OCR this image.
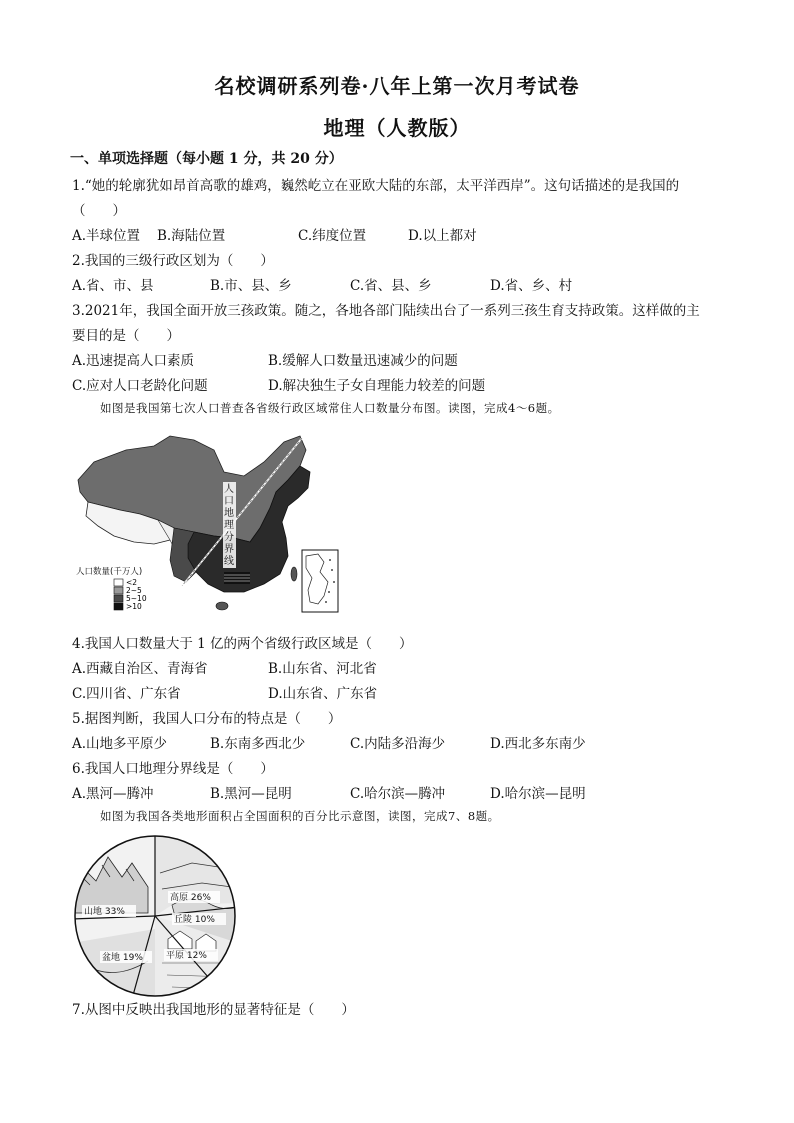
名校调研系列卷·八年上第一次月考试卷
地理（人教版）
一、单项选择题（每小题 1 分，共 20 分）
1.“她的轮廓犹如昂首高歌的雄鸡，巍然屹立在亚欧大陆的东部，太平洋西岸”。这句话描述的是我国的
（　　）
A.半球位置 B.海陆位置	C.纬度位置	D.以上都对
2.我国的三级行政区划为（　　）
A.省、市、县	B.市、县、乡	C.省、县、乡	D.省、乡、村
3.2021年，我国全面开放三孩政策。随之，各地各部门陆续出台了一系列三孩生育支持政策。这样做的主
要目的是（　　）
A.迅速提高人口素质	B.缓解人口数量迅速减少的问题
C.应对人口老龄化问题	D.解决独生子女自理能力较差的问题
如图是我国第七次人口普查各省级行政区域常住人口数量分布图。读图，完成4～6题。
人
口
地
理
分
界
线
人口数量(千万人)
<2
2~5
5~10
>10
4.我国人口数量大于 1 亿的两个省级行政区域是（　　）
A.西藏自治区、青海省	B.山东省、河北省
C.四川省、广东省	D.山东省、广东省
5.据图判断，我国人口分布的特点是（　　）
A.山地多平原少	B.东南多西北少	C.内陆多沿海少	D.西北多东南少
6.我国人口地理分界线是（　　）
A.黑河—腾冲	B.黑河—昆明	C.哈尔滨—腾冲	D.哈尔滨—昆明
如图为我国各类地形面积占全国面积的百分比示意图，读图，完成7、8题。
高原 26%
丘陵 10%
山地 33%
盆地 19%	平原 12%
7.从图中反映出我国地形的显著特征是（　　）
